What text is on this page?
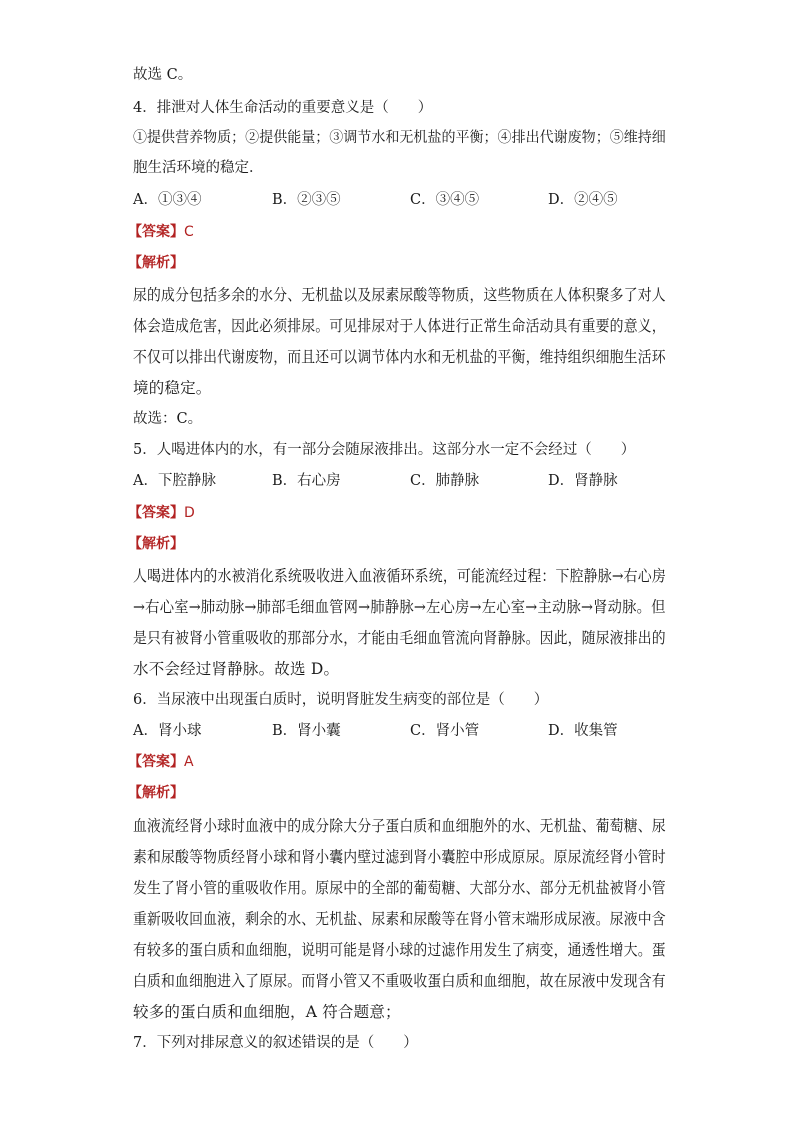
故选 C。
4．排泄对人体生命活动的重要意义是（　　）
①提供营养物质；②提供能量；③调节水和无机盐的平衡；④排出代谢废物；⑤维持细
胞生活环境的稳定．
A．①③④	B．②③⑤	C．③④⑤	D．②④⑤
【答案】C
【解析】
尿的成分包括多余的水分、无机盐以及尿素尿酸等物质，这些物质在人体积聚多了对人
体会造成危害，因此必须排尿。可见排尿对于人体进行正常生命活动具有重要的意义，
不仅可以排出代谢废物，而且还可以调节体内水和无机盐的平衡，维持组织细胞生活环
境的稳定。
故选：C。
5．人喝进体内的水，有一部分会随尿液排出。这部分水一定不会经过（　　）
A．下腔静脉	B．右心房	C．肺静脉	D．肾静脉
【答案】D
【解析】
人喝进体内的水被消化系统吸收进入血液循环系统，可能流经过程：下腔静脉→右心房
→右心室→肺动脉→肺部毛细血管网→肺静脉→左心房→左心室→主动脉→肾动脉。但
是只有被肾小管重吸收的那部分水，才能由毛细血管流向肾静脉。因此，随尿液排出的
水不会经过肾静脉。故选 D。
6．当尿液中出现蛋白质时，说明肾脏发生病变的部位是（　　）
A．肾小球	B．肾小囊	C．肾小管	D．收集管
【答案】A
【解析】
血液流经肾小球时血液中的成分除大分子蛋白质和血细胞外的水、无机盐、葡萄糖、尿
素和尿酸等物质经肾小球和肾小囊内壁过滤到肾小囊腔中形成原尿。原尿流经肾小管时
发生了肾小管的重吸收作用。原尿中的全部的葡萄糖、大部分水、部分无机盐被肾小管
重新吸收回血液，剩余的水、无机盐、尿素和尿酸等在肾小管末端形成尿液。尿液中含
有较多的蛋白质和血细胞，说明可能是肾小球的过滤作用发生了病变，通透性增大。蛋
白质和血细胞进入了原尿。而肾小管又不重吸收蛋白质和血细胞，故在尿液中发现含有
较多的蛋白质和血细胞，A 符合题意；
7．下列对排尿意义的叙述错误的是（　　）
